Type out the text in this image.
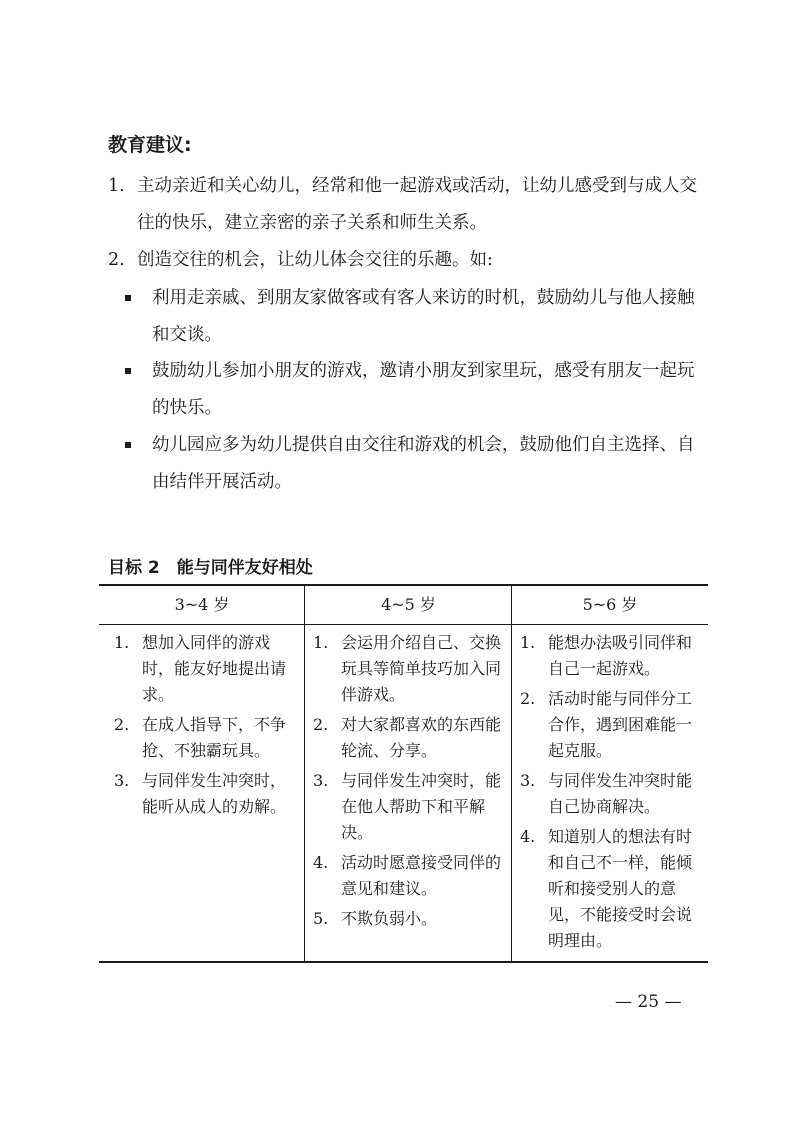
教育建议:
1. 主动亲近和关心幼儿，经常和他一起游戏或活动，让幼儿感受到与成人交往的快乐，建立亲密的亲子关系和师生关系。
2. 创造交往的机会，让幼儿体会交往的乐趣。如:
利用走亲戚、到朋友家做客或有客人来访的时机，鼓励幼儿与他人接触和交谈。
鼓励幼儿参加小朋友的游戏，邀请小朋友到家里玩，感受有朋友一起玩的快乐。
幼儿园应多为幼儿提供自由交往和游戏的机会，鼓励他们自主选择、自由结伴开展活动。
目标 2　能与同伴友好相处
3~4 岁	4~5 岁	5~6 岁
1. 想加入同伴的游戏时，能友好地提出请求。
2. 在成人指导下，不争抢、不独霸玩具。
3. 与同伴发生冲突时，能听从成人的劝解。
1. 会运用介绍自己、交换玩具等简单技巧加入同伴游戏。
2. 对大家都喜欢的东西能轮流、分享。
3. 与同伴发生冲突时，能在他人帮助下和平解决。
4. 活动时愿意接受同伴的意见和建议。
5. 不欺负弱小。
1. 能想办法吸引同伴和自己一起游戏。
2. 活动时能与同伴分工合作，遇到困难能一起克服。
3. 与同伴发生冲突时能自己协商解决。
4. 知道别人的想法有时和自己不一样，能倾听和接受别人的意见，不能接受时会说明理由。
— 25 —
